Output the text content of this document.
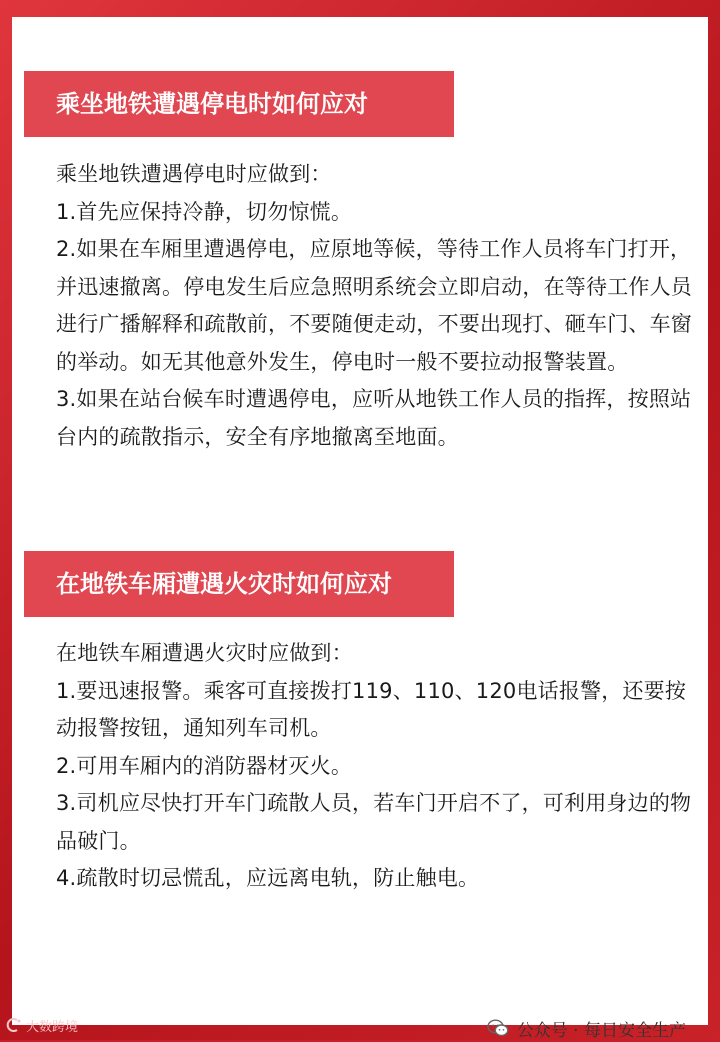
乘坐地铁遭遇停电时如何应对

乘坐地铁遭遇停电时应做到：

1.首先应保持冷静，切勿惊慌。

2.如果在车厢里遭遇停电，应原地等候，等待工作人员将车门打开，并迅速撤离。停电发生后应急照明系统会立即启动，在等待工作人员进行广播解释和疏散前，不要随便走动，不要出现打、砸车门、车窗的举动。如无其他意外发生，停电时一般不要拉动报警装置。

3.如果在站台候车时遭遇停电，应听从地铁工作人员的指挥，按照站台内的疏散指示，安全有序地撤离至地面。

在地铁车厢遭遇火灾时如何应对

在地铁车厢遭遇火灾时应做到：

1.要迅速报警。乘客可直接拨打119、110、120电话报警，还要按动报警按钮，通知列车司机。

2.可用车厢内的消防器材灭火。

3.司机应尽快打开车门疏散人员，若车门开启不了，可利用身边的物品破门。

4.疏散时切忌慌乱，应远离电轨，防止触电。

公众号 · 每日安全生产
大数跨境
